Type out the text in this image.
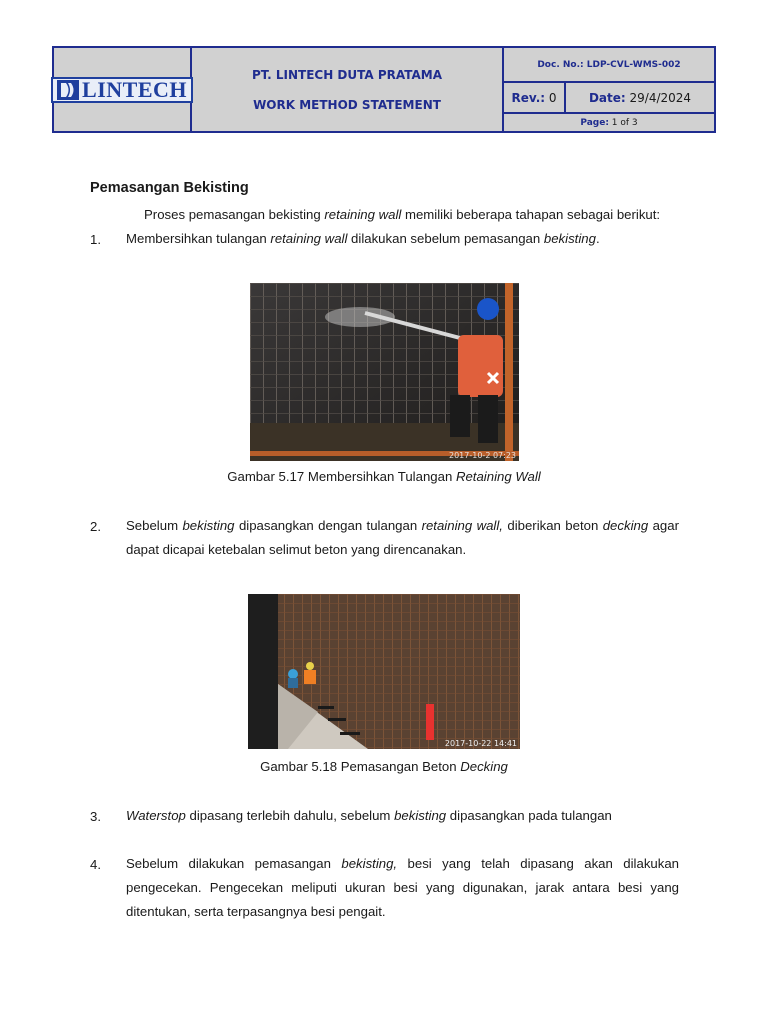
LINTECH
PT. LINTECH DUTA PRATAMA
WORK METHOD STATEMENT
Doc. No.:
LDP-CVL-WMS-002
Rev.:
0	Date:
29/4/2024
Page:
1 of 3
Pemasangan Bekisting
Proses pemasangan bekisting retaining wall memiliki beberapa tahapan sebagai berikut:
1. Membersihkan tulangan retaining wall dilakukan sebelum pemasangan bekisting.
2017-10-2 07:23
Gambar 5.17 Membersihkan Tulangan Retaining Wall
2. Sebelum bekisting dipasangkan dengan tulangan retaining wall, diberikan beton decking agar dapat dicapai ketebalan selimut beton yang direncanakan.
2017-10-22 14:41
Gambar 5.18 Pemasangan Beton Decking
3. Waterstop dipasang terlebih dahulu, sebelum bekisting dipasangkan pada tulangan
4. Sebelum dilakukan pemasangan bekisting, besi yang telah dipasang akan dilakukan pengecekan. Pengecekan meliputi ukuran besi yang digunakan, jarak antara besi yang ditentukan, serta terpasangnya besi pengait.
